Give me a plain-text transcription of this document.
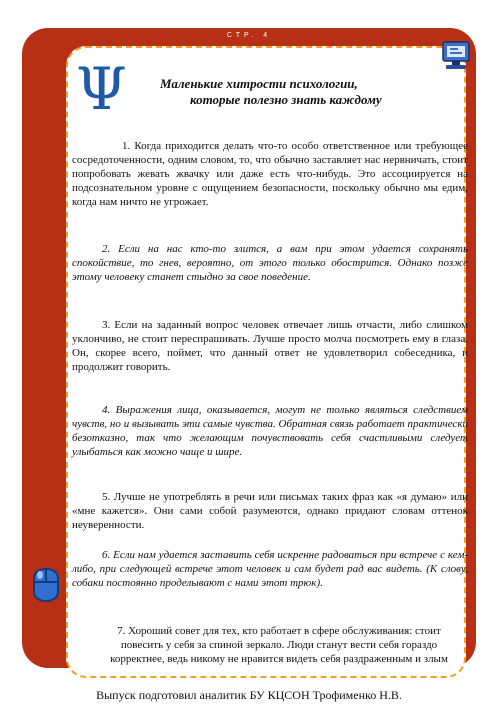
СТР. 4
Ψ	Маленькие хитрости психологии,
которые полезно знать каждому

1. Когда приходится делать что-то особо ответственное или требующее сосредоточенности, одним словом, то, что обычно заставляет нас нервничать, стоит попробовать жевать жвачку или даже есть что-нибудь. Это ассоциируется на подсознательном уровне с ощущением безопасности, поскольку обычно мы едим, когда нам ничто не угрожает.

2. Если на нас кто-то злится, а вам при этом удается сохранять спокойствие, то гнев, вероятно, от этого только обострится. Однако позже этому человеку станет стыдно за свое поведение.

3. Если на заданный вопрос человек отвечает лишь отчасти, либо слишком уклончиво, не стоит переспрашивать. Лучше просто молча посмотреть ему в глаза. Он, скорее всего, поймет, что данный ответ не удовлетворил собеседника, и продолжит говорить.

4. Выражения лица, оказывается, могут не только являться следствием чувств, но и вызывать эти самые чувства. Обратная связь работает практически безотказно, так что желающим почувствовать себя счастливыми следует улыбаться как можно чаще и шире.

5. Лучше не употреблять в речи или письмах таких фраз как «я думаю» или «мне кажется». Они сами собой разумеются, однако придают словам оттенок неуверенности.

6. Если нам удается заставить себя искренне радоваться при встрече с кем-либо, при следующей встрече этот человек и сам будет рад вас видеть. (К слову, собаки постоянно проделывают с нами этот трюк).

7. Хороший совет для тех, кто работает в сфере обслуживания: стоит повесить у себя за спиной зеркало. Люди станут вести себя гораздо корректнее, ведь никому не нравится видеть себя раздраженным и злым

Выпуск подготовил аналитик БУ КЦСОН Трофименко Н.В.
